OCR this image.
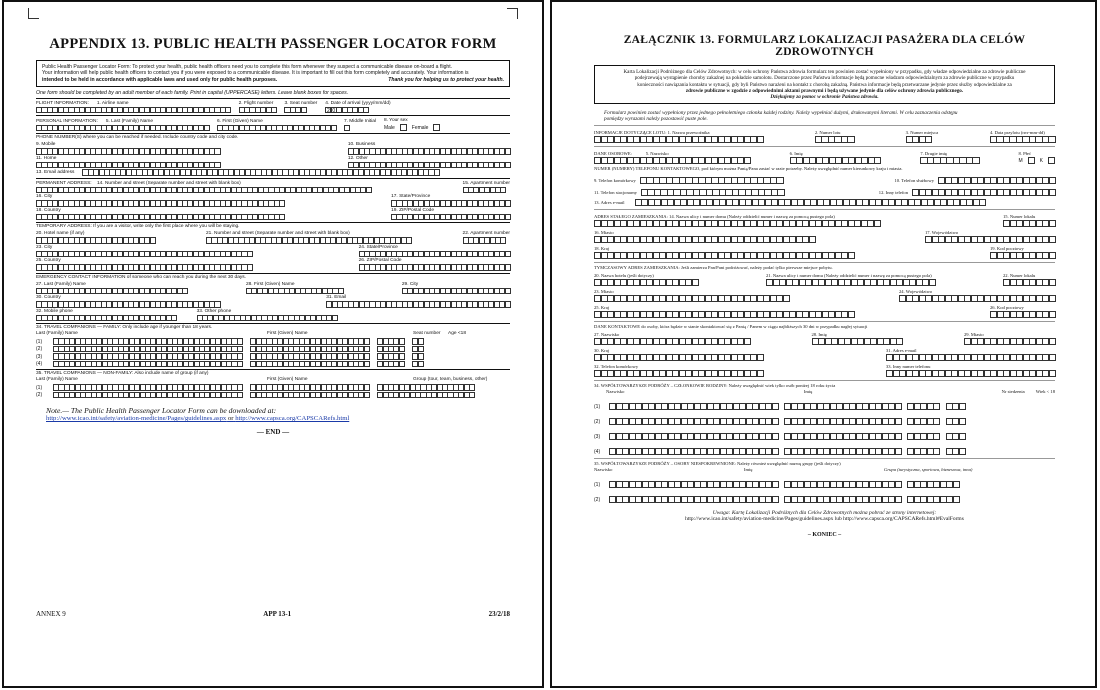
APPENDIX 13. PUBLIC HEALTH PASSENGER LOCATOR FORM
Public Health Passenger Locator Form: To protect your health, public health officers need you to complete this form whenever they suspect a communicable disease on-board a flight.
Your information will help public health officers to contact you if you were exposed to a communicable disease. It is important to fill out this form completely and accurately. Your information is
intended to be held in accordance with applicable laws and used only for public health purposes.	Thank you for helping us to protect your health.
One form should be completed by an adult member of each family. Print in capital (UPPERCASE) letters. Leave blank boxes for spaces.
FLIGHT INFORMATION: 1. Airline name	2. Flight number	3. Seat number 4. Date of arrival (yyyy/mm/dd)
2 0
PERSONAL INFORMATION: 5. Last (Family) Name	6. First (Given) Name	7. Middle Initial 8. Your sex
Male	Female
PHONE NUMBER(S) where you can be reached if needed. Include country code and city code.
9. Mobile	10. Business
11. Home	12. Other
13. Email address
PERMANENT ADDRESS: 14. Number and street (Separate number and street with blank box)	15. Apartment number
16. City	17. State/Province
18. Country	19. ZIP/Postal Code
TEMPORARY ADDRESS: If you are a visitor, write only the first place where you will be staying.
20. Hotel name (if any)	21. Number and street (Separate number and street with blank box)	22. Apartment number
23. City	24. State/Province
25. Country	26. ZIP/Postal Code
EMERGENCY CONTACT INFORMATION of someone who can reach you during the next 30 days.
27. Last (Family) Name	28. First (Given) Name	29. City
30. Country	31. Email
32. Mobile phone	33. Other phone
34. TRAVEL COMPANIONS — FAMILY: Only include age if younger than 18 years.
Last (Family) Name	First (Given) Name	Seat number	Age <18
(1)
(2)
(3)
(4)
35. TRAVEL COMPANIONS — NON-FAMILY: Also include name of group (if any)
Last (Family) Name	First (Given) Name	Group (tour, team, business, other)
(1)
(2)
Note.— The Public Health Passenger Locator Form can be downloaded at:
http://www.icao.int/safety/aviation-medicine/Pages/guidelines.aspx or http://www.capsca.org/CAPSCARefs.html
— END —
ANNEX 9	APP 13-1	23/2/18
ZAŁĄCZNIK 13. FORMULARZ LOKALIZACJI PASAŻERA DLA CELÓW ZDROWOTNYCH
Karta Lokalizacji Podróżnego dla Celów Zdrowotnych: w celu ochrony Państwa zdrowia formularz ten powinien zostać wypełniony w przypadku, gdy władze odpowiedzialne za zdrowie publiczne
podejrzewają wystąpienie choroby zakaźnej na pokładzie samolotu. Dostarczone przez Państwa informacje będą pomocne władzom odpowiedzialnym za zdrowie publiczne w przypadku
konieczności nawiązania kontaktu w sytuacji, gdy byli Państwo narażeni na kontakt z chorobą zakaźną. Państwa informacje będą przetwarzane jedynie przez służby odpowiedzialne za
zdrowie publiczne w zgodzie z odpowiednimi aktami prawnymi i będą używane jedynie dla celów ochrony zdrowia publicznego.
Dziękujemy za pomoc w ochronie Państwa zdrowia.
Formularz powinien zostać wypełniony przez jednego pełnoletniego członka każdej rodziny. Należy wypełniać dużymi, drukowanymi literami. W celu zaznaczenia odstępu
pomiędzy wyrazami należy pozostawić puste pole.
INFORMACJE DOTYCZĄCE LOTU: 1. Nazwa przewoźnika	2. Numer lotu	3. Numer miejsca	4. Data przylotu (rrrr-mm-dd)
DANE OSOBOWE:	5. Nazwisko	6. Imię	7. Drugie imię	8. Płeć
M	K
NUMER (NUMERY) TELEFONU KONTAKTOWEGO, pod którym można Panią/Pana zastać w razie potrzeby. Należy uwzględnić numer kierunkowy kraju i miasta.
9. Telefon komórkowy	10. Telefon służbowy
11. Telefon stacjonarny	12. Inny telefon
13. Adres e-mail
ADRES STAŁEGO ZAMIESZKANIA: 14. Nazwa ulicy i numer domu (Należy oddzielić numer i nazwę za pomocą pustego pola)	15. Numer lokalu
16. Miasto	17. Województwo
18. Kraj	19. Kod pocztowy
TYMCZASOWY ADRES ZAMIESZKANIA: Jeśli zamierza Pan/Pani podróżować, należy podać tylko pierwsze miejsce pobytu.
20. Nazwa hotelu (jeśli dotyczy)	21. Nazwa ulicy i numer domu (Należy oddzielić numer i nazwę za pomocą pustego pola)	22. Numer lokalu
23. Miasto	24. Województwo
25. Kraj	26. Kod pocztowy
DANE KONTAKTOWE do osoby, która będzie w stanie skontaktować się z Panią / Panem w ciągu najbliższych 30 dni w przypadku nagłej sytuacji
27. Nazwisko	28. Imię	29. Miasto
30. Kraj	31. Adres e-mail
32. Telefon komórkowy	33. Inny numer telefonu
34. WSPÓŁTOWARZYSZE PODRÓŻY – CZŁONKOWIE RODZINY: Należy uwzględnić wiek tylko osób poniżej 18 roku życia
Nazwisko	Imię	Nr siedzenia	Wiek < 18
(1)
(2)
(3)
(4)
35. WSPÓŁTOWARZYSZE PODRÓŻY – OSOBY NIESPOKREWNIONE: Należy również uwzględnić nazwę grupy (jeśli dotyczy)
Nazwisko	Imię	Grupa (turystyczna, sportowa, biznesowa, inna)
(1)
(2)
Uwaga: Kartę Lokalizacji Podróżnych dla Celów Zdrowotnych można pobrać ze strony internetowej:
http://www.icao.int/safety/aviation-medicine/Pages/guidelines.aspx lub http://www.capsca.org/CAPSCARefs.html#EvalForms
– KONIEC –
